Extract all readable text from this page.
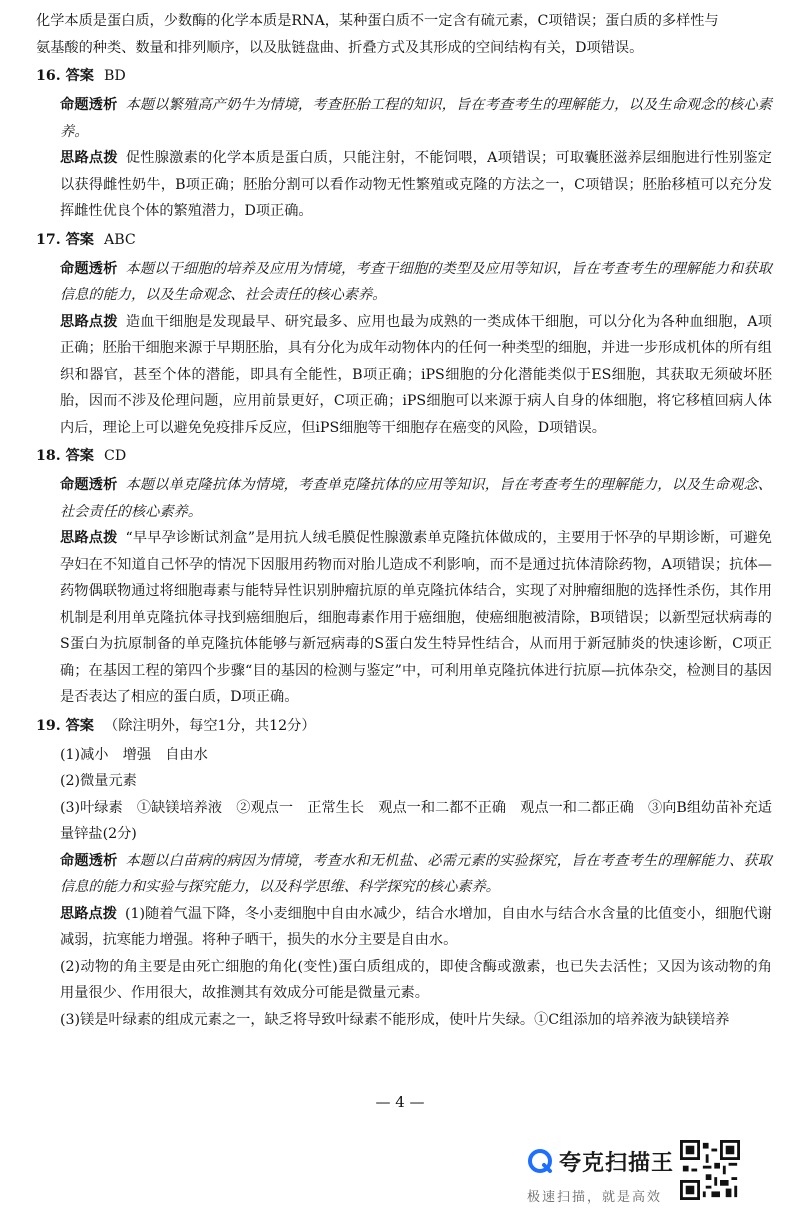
化学本质是蛋白质，少数酶的化学本质是RNA，某种蛋白质不一定含有硫元素，C项错误；蛋白质的多样性与

氨基酸的种类、数量和排列顺序，以及肽链盘曲、折叠方式及其形成的空间结构有关，D项错误。

16. 答案 BD

命题透析 本题以繁殖高产奶牛为情境，考查胚胎工程的知识，旨在考查考生的理解能力，以及生命观念的核心素养。

思路点拨 促性腺激素的化学本质是蛋白质，只能注射，不能饲喂，A项错误；可取囊胚滋养层细胞进行性别鉴定以获得雌性奶牛，B项正确；胚胎分割可以看作动物无性繁殖或克隆的方法之一，C项错误；胚胎移植可以充分发挥雌性优良个体的繁殖潜力，D项正确。

17. 答案 ABC

命题透析 本题以干细胞的培养及应用为情境，考查干细胞的类型及应用等知识，旨在考查考生的理解能力和获取信息的能力，以及生命观念、社会责任的核心素养。

思路点拨 造血干细胞是发现最早、研究最多、应用也最为成熟的一类成体干细胞，可以分化为各种血细胞，A项正确；胚胎干细胞来源于早期胚胎，具有分化为成年动物体内的任何一种类型的细胞，并进一步形成机体的所有组织和器官，甚至个体的潜能，即具有全能性，B项正确；iPS细胞的分化潜能类似于ES细胞，其获取无须破坏胚胎，因而不涉及伦理问题，应用前景更好，C项正确；iPS细胞可以来源于病人自身的体细胞，将它移植回病人体内后，理论上可以避免免疫排斥反应，但iPS细胞等干细胞存在癌变的风险，D项错误。

18. 答案 CD

命题透析 本题以单克隆抗体为情境，考查单克隆抗体的应用等知识，旨在考查考生的理解能力，以及生命观念、社会责任的核心素养。

思路点拨 “早早孕诊断试剂盒”是用抗人绒毛膜促性腺激素单克隆抗体做成的，主要用于怀孕的早期诊断，可避免孕妇在不知道自己怀孕的情况下因服用药物而对胎儿造成不利影响，而不是通过抗体清除药物，A项错误；抗体—药物偶联物通过将细胞毒素与能特异性识别肿瘤抗原的单克隆抗体结合，实现了对肿瘤细胞的选择性杀伤，其作用机制是利用单克隆抗体寻找到癌细胞后，细胞毒素作用于癌细胞，使癌细胞被清除，B项错误；以新型冠状病毒的S蛋白为抗原制备的单克隆抗体能够与新冠病毒的S蛋白发生特异性结合，从而用于新冠肺炎的快速诊断，C项正确；在基因工程的第四个步骤“目的基因的检测与鉴定”中，可利用单克隆抗体进行抗原—抗体杂交，检测目的基因是否表达了相应的蛋白质，D项正确。

19. 答案 （除注明外，每空1分，共12分）

(1)减小　增强　自由水

(2)微量元素

(3)叶绿素　①缺镁培养液　②观点一　正常生长　观点一和二都不正确　观点一和二都正确　③向B组幼苗补充适量锌盐(2分)

命题透析 本题以白苗病的病因为情境，考查水和无机盐、必需元素的实验探究，旨在考查考生的理解能力、获取信息的能力和实验与探究能力，以及科学思维、科学探究的核心素养。

思路点拨 (1)随着气温下降，冬小麦细胞中自由水减少，结合水增加，自由水与结合水含量的比值变小，细胞代谢减弱，抗寒能力增强。将种子晒干，损失的水分主要是自由水。

(2)动物的角主要是由死亡细胞的角化(变性)蛋白质组成的，即使含酶或激素，也已失去活性；又因为该动物的角用量很少、作用很大，故推测其有效成分可能是微量元素。

(3)镁是叶绿素的组成元素之一，缺乏将导致叶绿素不能形成，使叶片失绿。①C组添加的培养液为缺镁培养

— 4 —
夸克扫描王
极速扫描，就是高效
